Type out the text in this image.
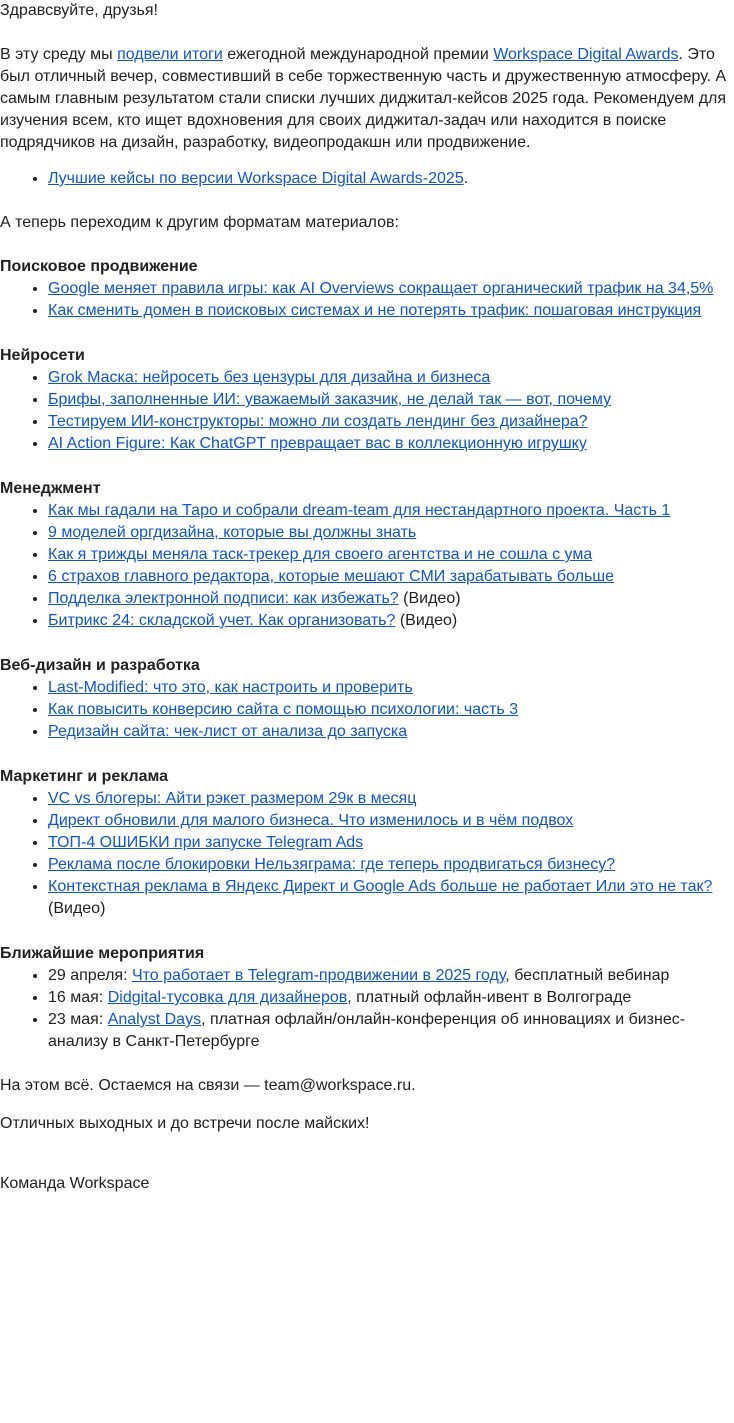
Здравсвуйте, друзья!

В эту среду мы подвели итоги ежегодной международной премии Workspace Digital Awards. Это был отличный вечер, совместивший в себе торжественную часть и дружественную атмосферу. А самым главным результатом стали списки лучших диджитал-кейсов 2025 года. Рекомендуем для изучения всем, кто ищет вдохновения для своих диджитал-задач или находится в поиске подрядчиков на дизайн, разработку, видеопродакшн или продвижение.

• Лучшие кейсы по версии Workspace Digital Awards-2025.

А теперь переходим к другим форматам материалов:

Поисковое продвижение

• Google меняет правила игры: как AI Overviews сокращает органический трафик на 34,5%
• Как сменить домен в поисковых системах и не потерять трафик: пошаговая инструкция

Нейросети

• Grok Маска: нейросеть без цензуры для дизайна и бизнеса
• Брифы, заполненные ИИ: уважаемый заказчик, не делай так — вот, почему
• Тестируем ИИ-конструкторы: можно ли создать лендинг без дизайнера?
• AI Action Figure: Как ChatGPT превращает вас в коллекционную игрушку

Менеджмент

• Как мы гадали на Таро и собрали dream-team для нестандартного проекта. Часть 1
• 9 моделей оргдизайна, которые вы должны знать
• Как я трижды меняла таск-трекер для своего агентства и не сошла с ума
• 6 страхов главного редактора, которые мешают СМИ зарабатывать больше
• Подделка электронной подписи: как избежать? (Видео)
• Битрикс 24: складской учет. Как организовать? (Видео)

Веб-дизайн и разработка

• Last-Modified: что это, как настроить и проверить
• Как повысить конверсию сайта с помощью психологии: часть 3
• Редизайн сайта: чек-лист от анализа до запуска

Маркетинг и реклама

• VC vs блогеры: Айти рэкет размером 29к в месяц
• Директ обновили для малого бизнеса. Что изменилось и в чём подвох
• ТОП-4 ОШИБКИ при запуске Telegram Ads
• Реклама после блокировки Нельзяграма: где теперь продвигаться бизнесу?
• Контекстная реклама в Яндекс Директ и Google Ads больше не работает Или это не так? (Видео)

Ближайшие мероприятия

• 29 апреля: Что работает в Telegram-продвижении в 2025 году, бесплатный вебинар
• 16 мая: Didgital-тусовка для дизайнеров, платный офлайн-ивент в Волгограде
• 23 мая: Analyst Days, платная офлайн/онлайн-конференция об инновациях и бизнес-анализу в Санкт-Петербурге

На этом всё. Остаемся на связи — team@workspace.ru.

Отличных выходных и до встречи после майских!

Команда Workspace
